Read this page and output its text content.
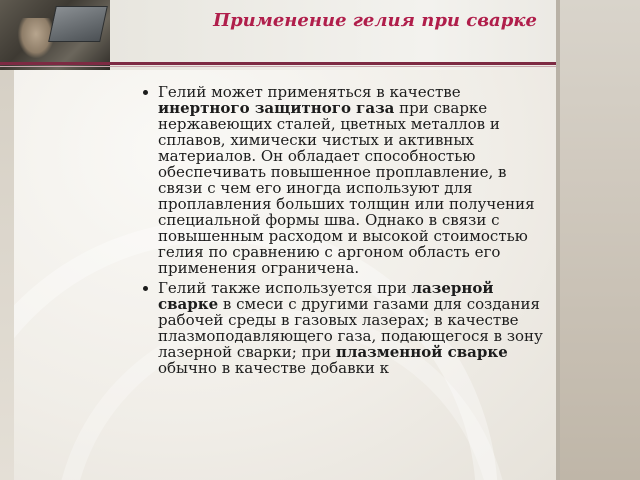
Применение гелия при сварке
Гелий может применяться в качестве инертного защитного газа при сварке нержавеющих сталей, цветных металлов и сплавов, химически чистых и активных материалов. Он обладает способностью обеспечивать повышенное проплавление, в связи с чем его иногда используют для проплавления больших толщин или получения специальной формы шва. Однако в связи с повышенным расходом и высокой стоимостью гелия по сравнению с аргоном область его применения ограничена.
Гелий также используется при лазерной сварке в смеси с другими газами для создания рабочей среды в газовых лазерах; в качестве плазмоподавляющего газа, подающегося в зону лазерной сварки; при плазменной сварке обычно в качестве добавки к
